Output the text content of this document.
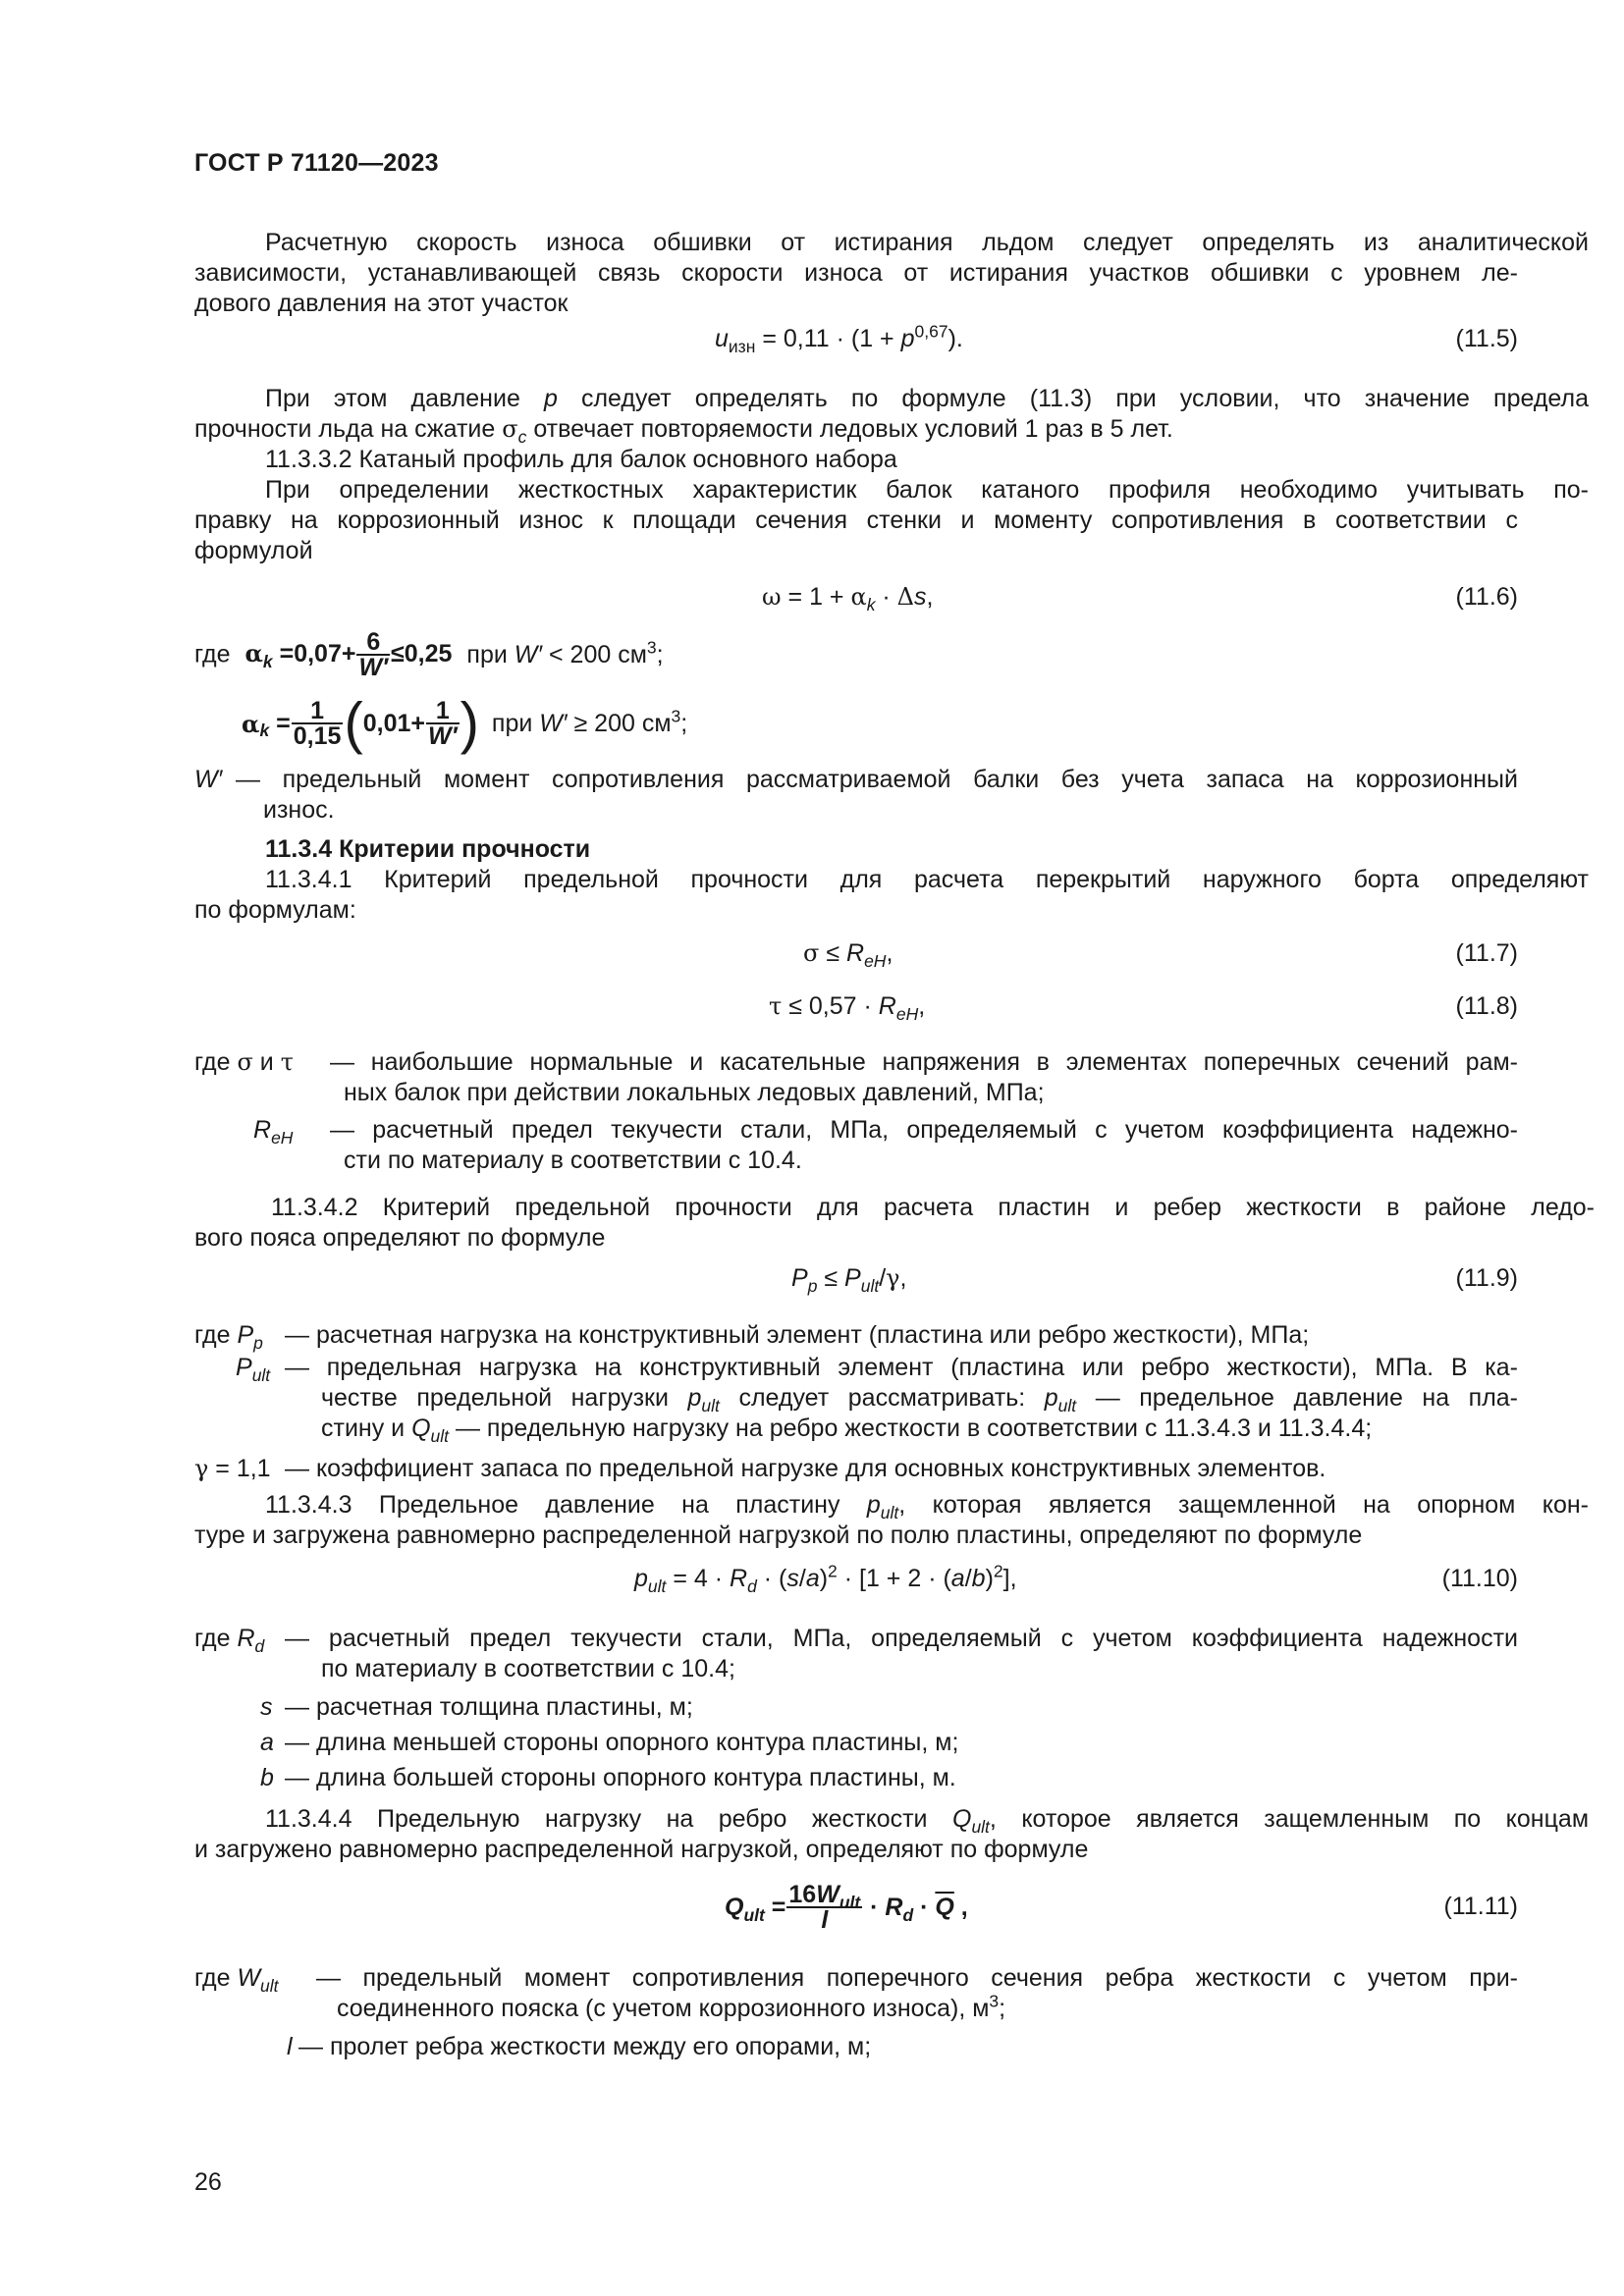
ГОСТ Р 71120—2023
Расчетную скорость износа обшивки от истирания льдом следует определять из аналитической
зависимости, устанавливающей связь скорости износа от истирания участков обшивки с уровнем ле-
дового давления на этот участок
$u_{изн} = 0,11 \cdot (1 + p^{0,67})$.	(11.5)
При этом давление p следует определять по формуле (11.3) при условии, что значение предела
прочности льда на сжатие $\sigma_c$ отвечает повторяемости ледовых условий 1 раз в 5 лет.
11.3.3.2 Катаный профиль для балок основного набора
При определении жесткостных характеристик балок катаного профиля необходимо учитывать по-
правку на коррозионный износ к площади сечения стенки и моменту сопротивления в соответствии с
формулой
$\omega = 1 + \alpha_k \cdot \Delta s$,	(11.6)
где $\alpha_k =0,07+ \frac{6}{W'} \le 0,25$ при W′ < 200 $см^3$;
$\alpha_k = \frac{1}{0,15} (0,01+ \frac{1}{W'}$ ) при W′ ≥ 200 $см^3$;
W′ — предельный момент сопротивления рассматриваемой балки без учета запаса на коррозионный
износ.
11.3.4 Критерии прочности
11.3.4.1 Критерий предельной прочности для расчета перекрытий наружного борта определяют
по формулам:
$\sigma \le R_{eH}$,	(11.7)
$\tau \le 0,57 \cdot R_{eH}$,	(11.8)
где σ и τ — наибольшие нормальные и касательные напряжения в элементах поперечных сечений рам-
ных балок при действии локальных ледовых давлений, МПа;
$R_{eH}$ — расчетный предел текучести стали, МПа, определяемый с учетом коэффициента надежно-
сти по материалу в соответствии с 10.4.
11.3.4.2 Критерий предельной прочности для расчета пластин и ребер жесткости в районе ледо-
вого пояса определяют по формуле
$P_p \le P_{ult}/\gamma$,	(11.9)
где $P_p$ — расчетная нагрузка на конструктивный элемент (пластина или ребро жесткости), МПа;
$P_{ult}$ — предельная нагрузка на конструктивный элемент (пластина или ребро жесткости), МПа. В ка-
честве предельной нагрузки $p_{ult}$ следует рассматривать: $p_{ult}$ — предельное давление на пла-
стину и $Q_{ult}$ — предельную нагрузку на ребро жесткости в соответствии с 11.3.4.3 и 11.3.4.4;
γ = 1,1 — коэффициент запаса по предельной нагрузке для основных конструктивных элементов.
11.3.4.3 Предельное давление на пластину $p_{ult}$, которая является защемленной на опорном кон-
туре и загружена равномерно распределенной нагрузкой по полю пластины, определяют по формуле
$p_{ult} = 4 \cdot R_d \cdot (s/a)^2 \cdot [1 + 2 \cdot (a/b)^2]$,	(11.10)
где $R_d$ — расчетный предел текучести стали, МПа, определяемый с учетом коэффициента надежности
по материалу в соответствии с 10.4;
s — расчетная толщина пластины, м;
a — длина меньшей стороны опорного контура пластины, м;
b — длина большей стороны опорного контура пластины, м.
11.3.4.4 Предельную нагрузку на ребро жесткости $Q_{ult}$, которое является защемленным по концам
и загружено равномерно распределенной нагрузкой, определяют по формуле
$Q_{ult} = \frac{16W_{ult}}{l} \cdot R_d \cdot \overline{Q}$ ,	(11.11)
где $W_{ult}$ — предельный момент сопротивления поперечного сечения ребра жесткости с учетом при-
соединенного пояска (с учетом коррозионного износа), $м^3$;
l — пролет ребра жесткости между его опорами, м;
26
